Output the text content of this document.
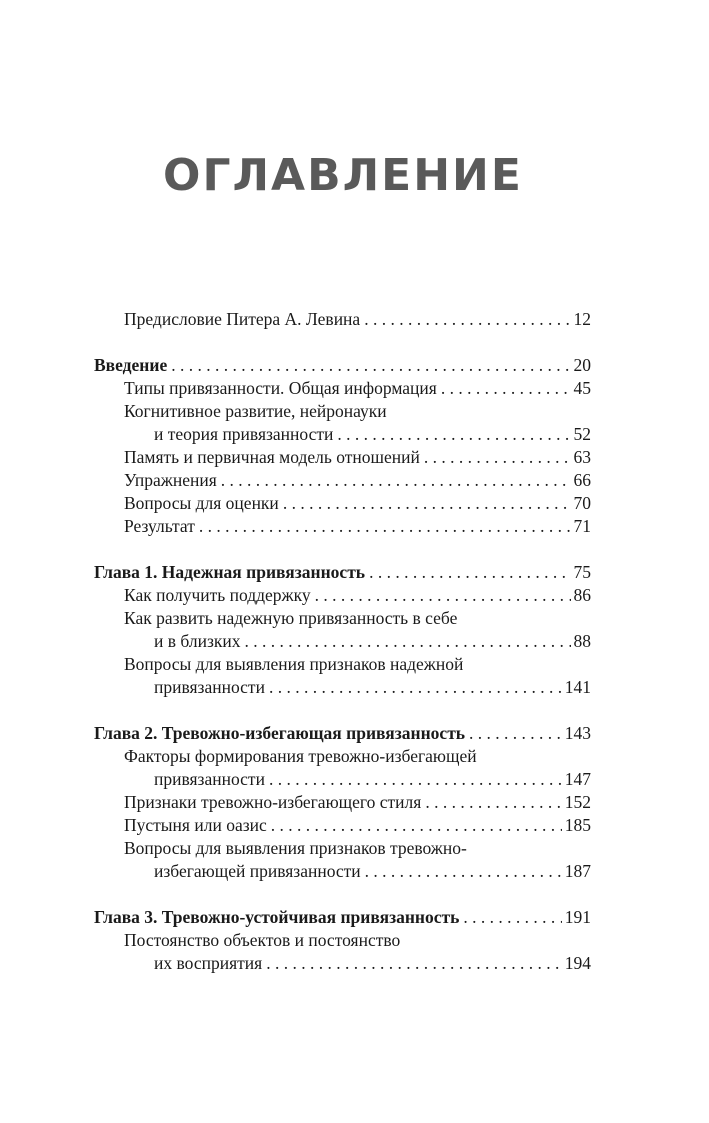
ОГЛАВЛЕНИЕ
Предисловие Питера А. Левина . . .	12
Введение . . .	20
Типы привязанности. Общая информация . . .	45
Когнитивное развитие, нейронауки
и теория привязанности . . .	52
Память и первичная модель отношений . . .	63
Упражнения . . .	66
Вопросы для оценки . . .	70
Результат . . .	71
Глава 1. Надежная привязанность . . .	75
Как получить поддержку . . .	86
Как развить надежную привязанность в себе
и в близких . . .	88
Вопросы для выявления признаков надежной
привязанности . . .	141
Глава 2. Тревожно-избегающая привязанность . . .	143
Факторы формирования тревожно-избегающей
привязанности . . .	147
Признаки тревожно-избегающего стиля . . .	152
Пустыня или оазис . . .	185
Вопросы для выявления признаков тревожно-
избегающей привязанности . . .	187
Глава 3. Тревожно-устойчивая привязанность . . .	191
Постоянство объектов и постоянство
их восприятия . . .	194
